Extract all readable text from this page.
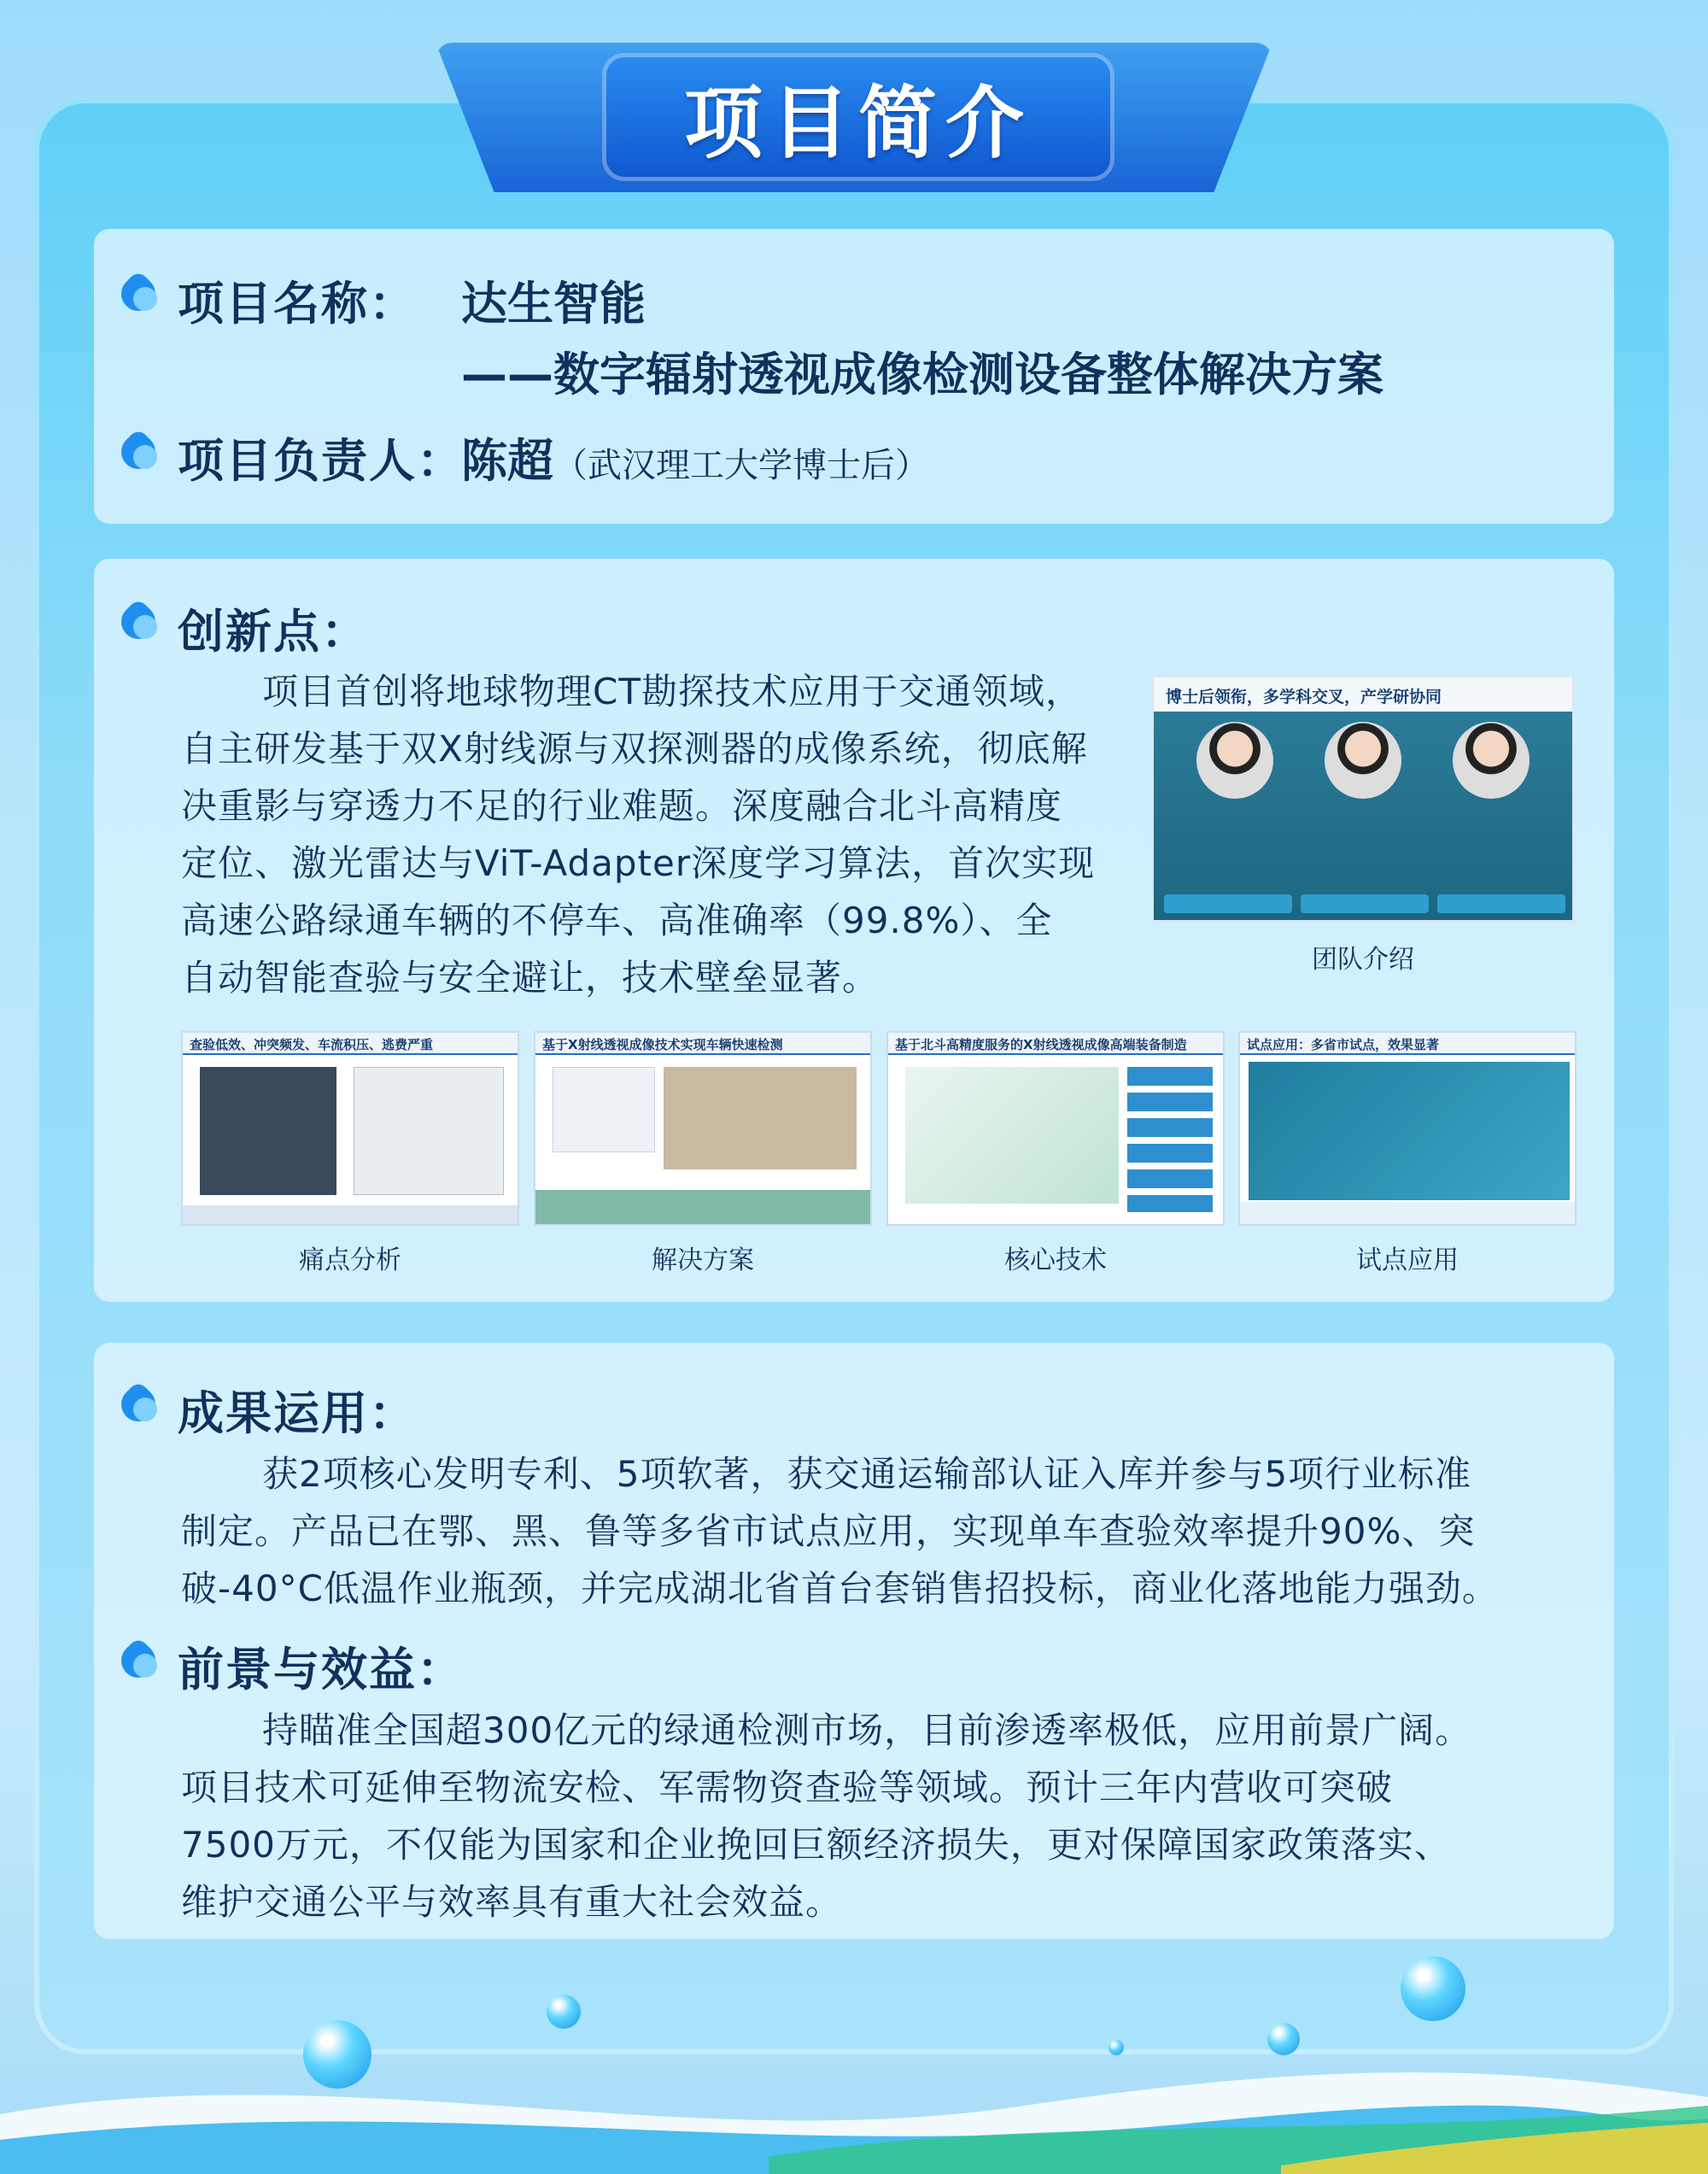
项目简介
项目名称： 达生智能
——数字辐射透视成像检测设备整体解决方案
项目负责人：
陈超（武汉理工大学博士后）
创新点：

项目首创将地球物理CT勘探技术应用于交通领域，

自主研发基于双X射线源与双探测器的成像系统，彻底解

决重影与穿透力不足的行业难题。深度融合北斗高精度

定位、激光雷达与ViT-Adapter深度学习算法，首次实现

高速公路绿通车辆的不停车、高准确率（99.8%）、全

自动智能查验与安全避让，技术壁垒显著。

博士后领衔，多学科交叉，产学研协同
团队介绍
查验低效、冲突频发、车流积压、逃费严重
痛点分析
基于X射线透视成像技术实现车辆快速检测
解决方案
基于北斗高精度服务的X射线透视成像高端装备制造
核心技术
试点应用：多省市试点，效果显著
试点应用
成果运用：

获2项核心发明专利、5项软著，获交通运输部认证入库并参与5项行业标准

制定。产品已在鄂、黑、鲁等多省市试点应用，实现单车查验效率提升90%、突

破-40°C低温作业瓶颈，并完成湖北省首台套销售招投标，商业化落地能力强劲。

前景与效益：

持瞄准全国超300亿元的绿通检测市场，目前渗透率极低，应用前景广阔。

项目技术可延伸至物流安检、军需物资查验等领域。预计三年内营收可突破

7500万元，不仅能为国家和企业挽回巨额经济损失，更对保障国家政策落实、

维护交通公平与效率具有重大社会效益。
